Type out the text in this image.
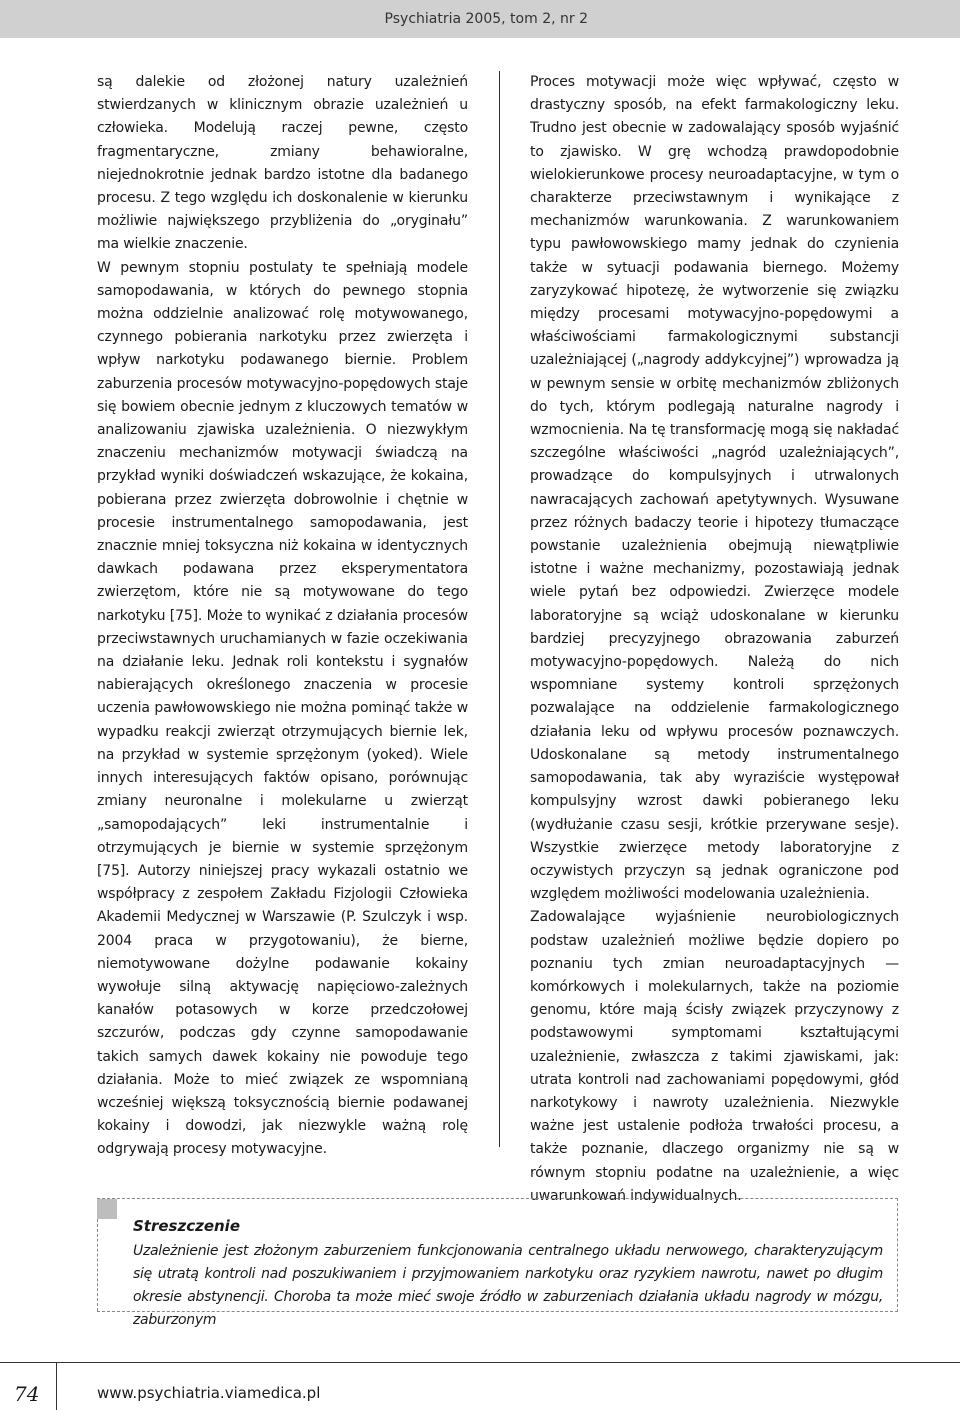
Psychiatria 2005, tom 2, nr 2

są dalekie od złożonej natury uzależnień stwierdzanych w klinicznym obrazie uzależnień u człowieka. Modelują raczej pewne, często fragmentaryczne, zmiany behawioralne, niejednokrotnie jednak bardzo istotne dla badanego procesu. Z tego względu ich doskonalenie w kierunku możliwie największego przybliżenia do „oryginału” ma wielkie znaczenie.

W pewnym stopniu postulaty te spełniają modele samopodawania, w których do pewnego stopnia można oddzielnie analizować rolę motywowanego, czynnego pobierania narkotyku przez zwierzęta i wpływ narkotyku podawanego biernie. Problem zaburzenia procesów motywacyjno-popędowych staje się bowiem obecnie jednym z kluczowych tematów w analizowaniu zjawiska uzależnienia. O niezwykłym znaczeniu mechanizmów motywacji świadczą na przykład wyniki doświadczeń wskazujące, że kokaina, pobierana przez zwierzęta dobrowolnie i chętnie w procesie instrumentalnego samopodawania, jest znacznie mniej toksyczna niż kokaina w identycznych dawkach podawana przez eksperymentatora zwierzętom, które nie są motywowane do tego narkotyku [75]. Może to wynikać z działania procesów przeciwstawnych uruchamianych w fazie oczekiwania na działanie leku. Jednak roli kontekstu i sygnałów nabierających określonego znaczenia w procesie uczenia pawłowowskiego nie można pominąć także w wypadku reakcji zwierząt otrzymujących biernie lek, na przykład w systemie sprzężonym (yoked). Wiele innych interesujących faktów opisano, porównując zmiany neuronalne i molekularne u zwierząt „samopodających” leki instrumentalnie i otrzymujących je biernie w systemie sprzężonym [75]. Autorzy niniejszej pracy wykazali ostatnio we współpracy z zespołem Zakładu Fizjologii Człowieka Akademii Medycznej w Warszawie (P. Szulczyk i wsp. 2004 praca w przygotowaniu), że bierne, niemotywowane dożylne podawanie kokainy wywołuje silną aktywację napięciowo-zależnych kanałów potasowych w korze przedczołowej szczurów, podczas gdy czynne samopodawanie takich samych dawek kokainy nie powoduje tego działania. Może to mieć związek ze wspomnianą wcześniej większą toksycznością biernie podawanej kokainy i dowodzi, jak niezwykle ważną rolę odgrywają procesy motywacyjne.

Proces motywacji może więc wpływać, często w drastyczny sposób, na efekt farmakologiczny leku. Trudno jest obecnie w zadowalający sposób wyjaśnić to zjawisko. W grę wchodzą prawdopodobnie wielokierunkowe procesy neuroadaptacyjne, w tym o charakterze przeciwstawnym i wynikające z mechanizmów warunkowania. Z warunkowaniem typu pawłowowskiego mamy jednak do czynienia także w sytuacji podawania biernego. Możemy zaryzykować hipotezę, że wytworzenie się związku między procesami motywacyjno-popędowymi a właściwościami farmakologicznymi substancji uzależniającej („nagrody addykcyjnej”) wprowadza ją w pewnym sensie w orbitę mechanizmów zbliżonych do tych, którym podlegają naturalne nagrody i wzmocnienia. Na tę transformację mogą się nakładać szczególne właściwości „nagród uzależniających”, prowadzące do kompulsyjnych i utrwalonych nawracających zachowań apetytywnych. Wysuwane przez różnych badaczy teorie i hipotezy tłumaczące powstanie uzależnienia obejmują niewątpliwie istotne i ważne mechanizmy, pozostawiają jednak wiele pytań bez odpowiedzi. Zwierzęce modele laboratoryjne są wciąż udoskonalane w kierunku bardziej precyzyjnego obrazowania zaburzeń motywacyjno-popędowych. Należą do nich wspomniane systemy kontroli sprzężonych pozwalające na oddzielenie farmakologicznego działania leku od wpływu procesów poznawczych. Udoskonalane są metody instrumentalnego samopodawania, tak aby wyraziście występował kompulsyjny wzrost dawki pobieranego leku (wydłużanie czasu sesji, krótkie przerywane sesje). Wszystkie zwierzęce metody laboratoryjne z oczywistych przyczyn są jednak ograniczone pod względem możliwości modelowania uzależnienia.

Zadowalające wyjaśnienie neurobiologicznych podstaw uzależnień możliwe będzie dopiero po poznaniu tych zmian neuroadaptacyjnych — komórkowych i molekularnych, także na poziomie genomu, które mają ścisły związek przyczynowy z podstawowymi symptomami kształtującymi uzależnienie, zwłaszcza z takimi zjawiskami, jak: utrata kontroli nad zachowaniami popędowymi, głód narkotykowy i nawroty uzależnienia. Niezwykle ważne jest ustalenie podłoża trwałości procesu, a także poznanie, dlaczego organizmy nie są w równym stopniu podatne na uzależnienie, a więc uwarunkowań indywidualnych.

Streszczenie
Uzależnienie jest złożonym zaburzeniem funkcjonowania centralnego układu nerwowego, charakteryzującym się utratą kontroli nad poszukiwaniem i przyjmowaniem narkotyku oraz ryzykiem nawrotu, nawet po długim okresie abstynencji. Choroba ta może mieć swoje źródło w zaburzeniach działania układu nagrody w mózgu, zaburzonym
74	www.psychiatria.viamedica.pl
